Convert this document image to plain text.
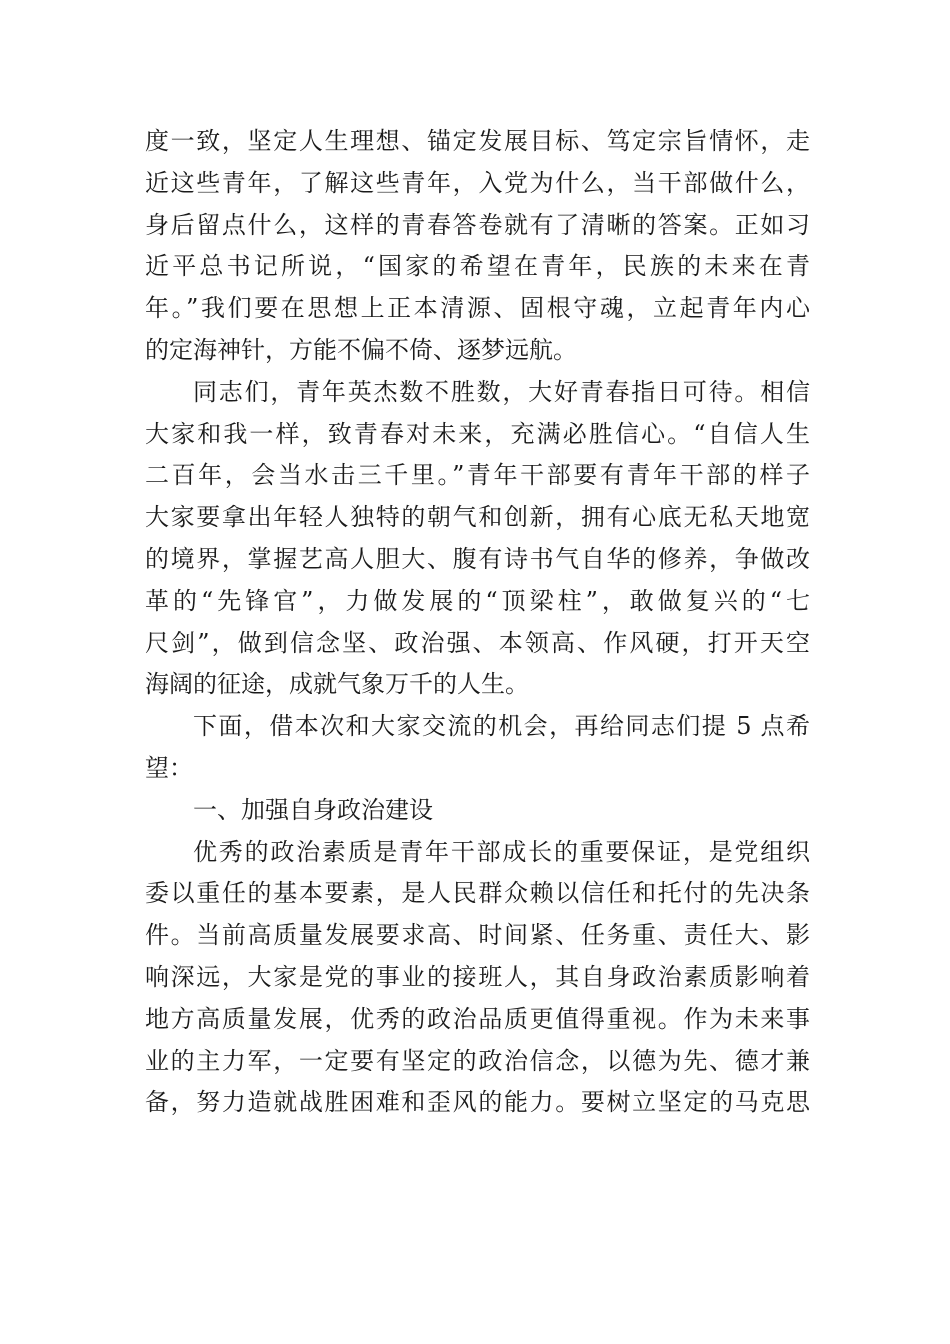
度一致，坚定人生理想、锚定发展目标、笃定宗旨情怀，走
近这些青年，了解这些青年，入党为什么，当干部做什么，
身后留点什么，这样的青春答卷就有了清晰的答案。正如习
近平总书记所说，“国家的希望在青年，民族的未来在青
年。”我们要在思想上正本清源、固根守魂，立起青年内心
的定海神针，方能不偏不倚、逐梦远航。
同志们，青年英杰数不胜数，大好青春指日可待。相信
大家和我一样，致青春对未来，充满必胜信心。“自信人生
二百年，会当水击三千里。”青年干部要有青年干部的样子
大家要拿出年轻人独特的朝气和创新，拥有心底无私天地宽
的境界，掌握艺高人胆大、腹有诗书气自华的修养，争做改
革的“先锋官”，力做发展的“顶梁柱”，敢做复兴的“七
尺剑”，做到信念坚、政治强、本领高、作风硬，打开天空
海阔的征途，成就气象万千的人生。
下面，借本次和大家交流的机会，再给同志们提 5 点希
望：
一、加强自身政治建设
优秀的政治素质是青年干部成长的重要保证，是党组织
委以重任的基本要素，是人民群众赖以信任和托付的先决条
件。当前高质量发展要求高、时间紧、任务重、责任大、影
响深远，大家是党的事业的接班人，其自身政治素质影响着
地方高质量发展，优秀的政治品质更值得重视。作为未来事
业的主力军，一定要有坚定的政治信念，以德为先、德才兼
备，努力造就战胜困难和歪风的能力。要树立坚定的马克思
